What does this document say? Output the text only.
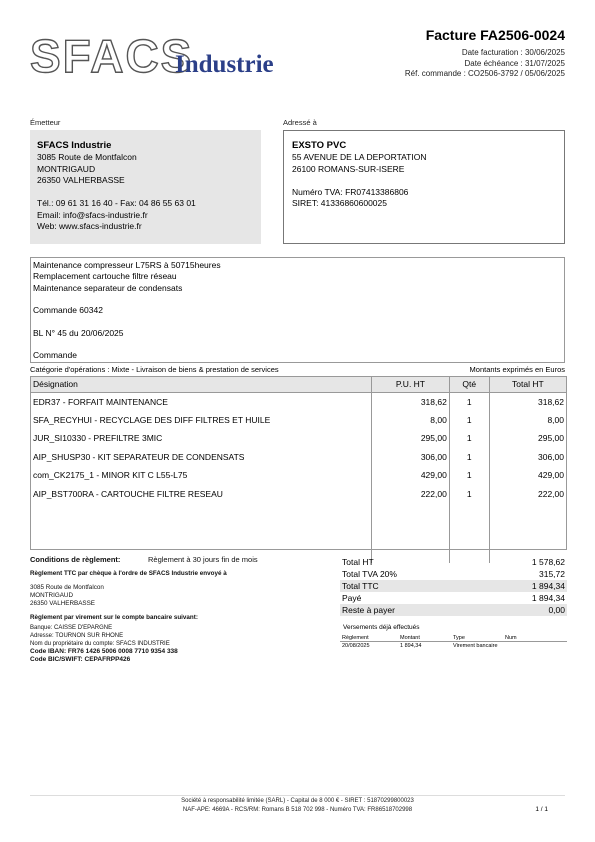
SFACS
Industrie
Facture FA2506-0024
Date facturation : 30/06/2025
Date échéance : 31/07/2025
Réf. commande : CO2506-3792 / 05/06/2025
Émetteur	Adressé à
SFACS Industrie
3085 Route de Montfalcon
MONTRIGAUD
26350 VALHERBASSE
Tél.: 09 61 31 16 40 - Fax: 04 86 55 63 01
Email: info@sfacs-industrie.fr
Web: www.sfacs-industrie.fr
EXSTO PVC
55 AVENUE DE LA DEPORTATION
26100 ROMANS-SUR-ISERE
Numéro TVA: FR07413386806
SIRET: 41336860600025
Maintenance compresseur L75RS à 50715heures
Remplacement cartouche filtre réseau
Maintenance separateur de condensats
Commande 60342
BL N° 45 du 20/06/2025
Commande
Catégorie d'opérations : Mixte - Livraison de biens & prestation de services	Montants exprimés en Euros
Désignation	P.U. HT	Qté	Total HT
EDR37 - FORFAIT MAINTENANCE	318,62	1	318,62
SFA_RECYHUI - RECYCLAGE DES DIFF FILTRES ET HUILE	8,00	1	8,00
JUR_SI10330 - PREFILTRE 3MIC	295,00	1	295,00
AIP_SHUSP30 - KIT SEPARATEUR DE CONDENSATS	306,00	1	306,00
com_CK2175_1 - MINOR KIT C L55-L75	429,00	1	429,00
AIP_BST700RA - CARTOUCHE FILTRE RESEAU	222,00	1	222,00

Conditions de règlement:	Règlement à 30 jours fin de mois
Règlement TTC par chèque à l'ordre de SFACS Industrie envoyé à
3085 Route de Montfalcon
MONTRIGAUD
26350 VALHERBASSE
Règlement par virement sur le compte bancaire suivant:
Banque: CAISSE D'EPARGNE
Adresse: TOURNON SUR RHONE
Nom du propriétaire du compte: SFACS INDUSTRIE
Code IBAN: FR76 1426 5006 0008 7710 9354 338
Code BIC/SWIFT: CEPAFRPP426
Total HT	1 578,62
Total TVA 20%	315,72
Total TTC	1 894,34
Payé	1 894,34
Reste à payer	0,00
Versements déjà effectués
Règlement	Montant	Type	Num
20/08/2025	1 894,34	Virement bancaire
Société à responsabilité limitée (SARL) - Capital de 8 000 € - SIRET : 51870299800023
NAF-APE: 4669A - RCS/RM: Romans B 518 702 998 - Numéro TVA: FR86518702998	1 / 1
